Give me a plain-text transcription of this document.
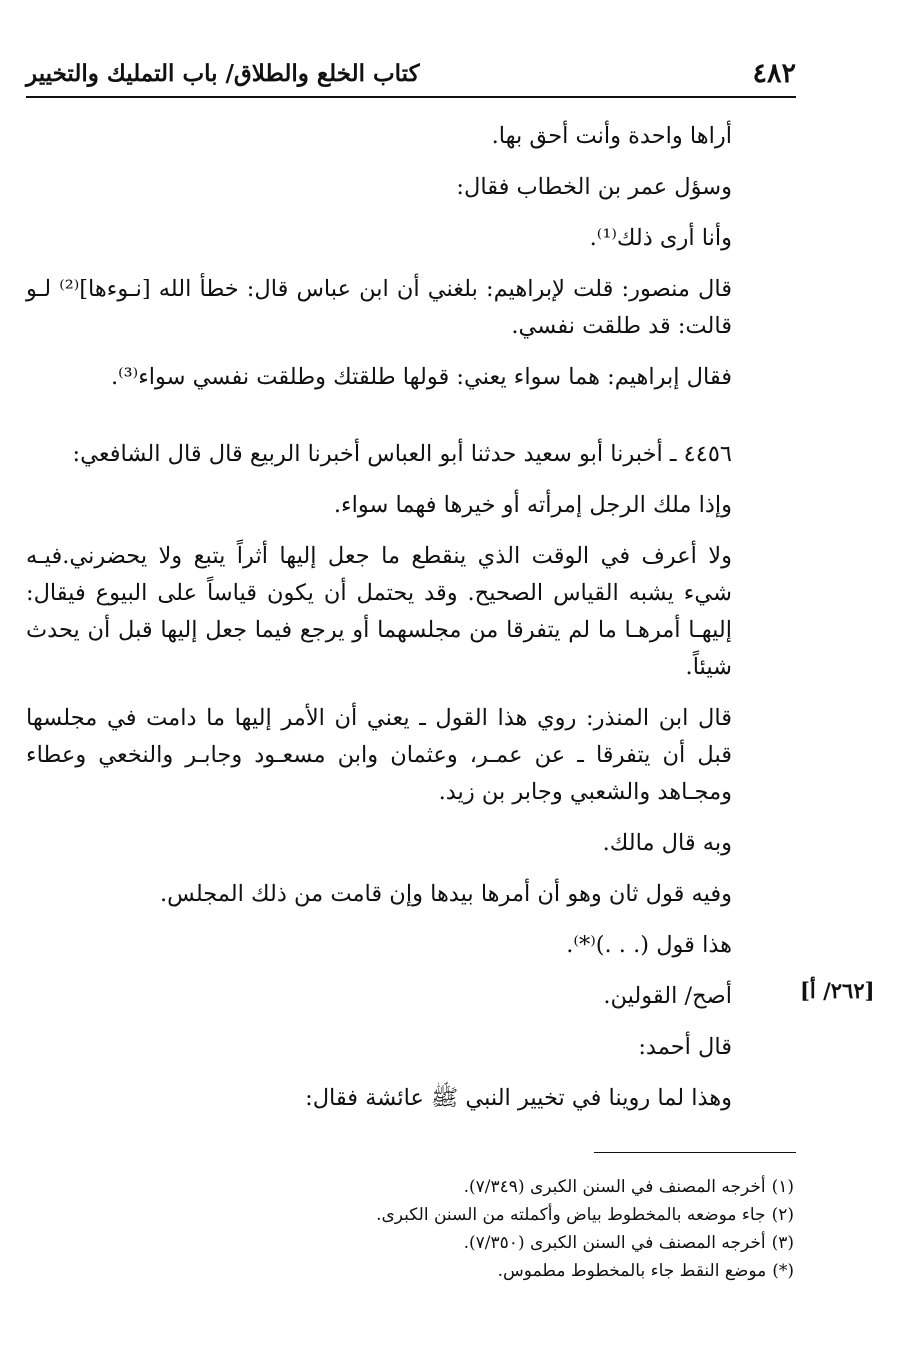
٤٨٢
كتاب الخلع والطلاق/ باب التمليك والتخيير

أراها واحدة وأنت أحق بها.

وسؤل عمر بن الخطاب فقال:

وأنا أرى ذلك⁽¹⁾.

قال منصور: قلت لإبراهيم: بلغني أن ابن عباس قال: خطأ الله [نـوءها]⁽²⁾ لـو قالت: قد طلقت نفسي.

فقال إبراهيم: هما سواء يعني: قولها طلقتك وطلقت نفسي سواء⁽³⁾.

٤٤٥٦ ـ أخبرنا أبو سعيد حدثنا أبو العباس أخبرنا الربيع قال قال الشافعي:

وإذا ملك الرجل إمرأته أو خيرها فهما سواء.

ولا أعرف في الوقت الذي ينقطع ما جعل إليها أثراً يتبع ولا يحضرني.فيـه شيء يشبه القياس الصحيح. وقد يحتمل أن يكون قياساً على البيوع فيقال: إليهـا أمرهـا ما لم يتفرقا من مجلسهما أو يرجع فيما جعل إليها قبل أن يحدث شيئاً.

قال ابن المنذر: روي هذا القول ـ يعني أن الأمر إليها ما دامت في مجلسها قبل أن يتفرقا ـ عن عمـر، وعثمان وابن مسعـود وجابـر والنخعي وعطاء ومجـاهد والشعبي وجابر بن زيد.

وبه قال مالك.

وفيه قول ثان وهو أن أمرها بيدها وإن قامت من ذلك المجلس.

هذا قول (. . .)⁽*⁾.

أصح/ القولين.

قال أحمد:

وهذا لما روينا في تخيير النبي ﷺ عائشة فقال:

[٢٦٢/ أ]
(١)أخرجه المصنف في السنن الكبرى (٧/٣٤٩).
(٢)جاء موضعه بالمخطوط بياض وأكملته من السنن الكبرى.
(٣)أخرجه المصنف في السنن الكبرى (٧/٣٥٠).
(*)موضع النقط جاء بالمخطوط مطموس.
